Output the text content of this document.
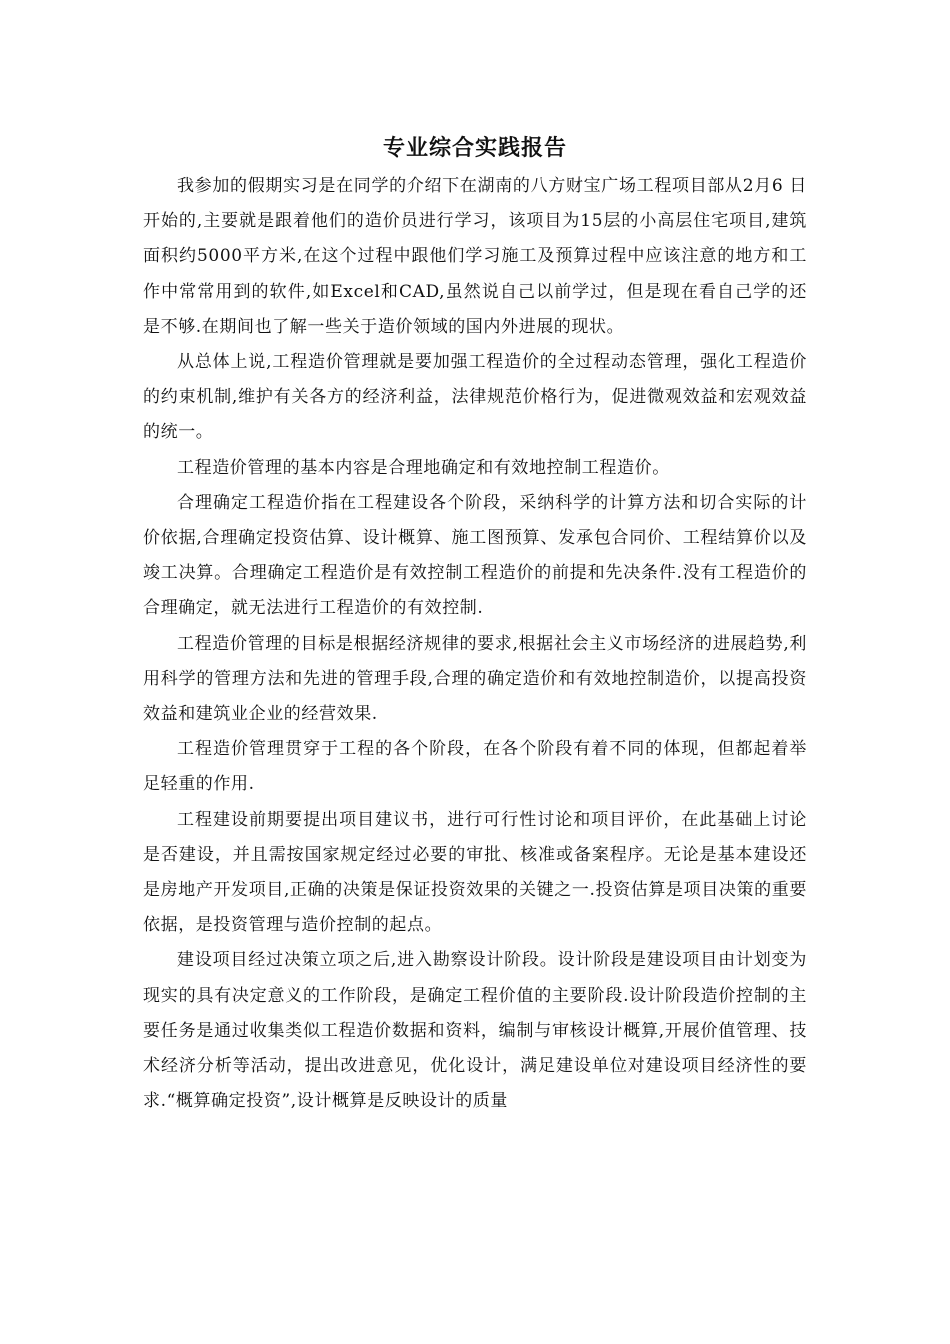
专业综合实践报告

我参加的假期实习是在同学的介绍下在湖南的八方财宝广场工程项目部从2月6 日开始的,主要就是跟着他们的造价员进行学习，该项目为15层的小高层住宅项目,建筑面积约5000平方米,在这个过程中跟他们学习施工及预算过程中应该注意的地方和工作中常常用到的软件,如Excel和CAD,虽然说自己以前学过，但是现在看自己学的还是不够.在期间也了解一些关于造价领域的国内外进展的现状。

从总体上说,工程造价管理就是要加强工程造价的全过程动态管理，强化工程造价的约束机制,维护有关各方的经济利益，法律规范价格行为，促进微观效益和宏观效益的统一。

工程造价管理的基本内容是合理地确定和有效地控制工程造价。

合理确定工程造价指在工程建设各个阶段，采纳科学的计算方法和切合实际的计价依据,合理确定投资估算、设计概算、施工图预算、发承包合同价、工程结算价以及竣工决算。合理确定工程造价是有效控制工程造价的前提和先决条件.没有工程造价的合理确定，就无法进行工程造价的有效控制.

工程造价管理的目标是根据经济规律的要求,根据社会主义市场经济的进展趋势,利用科学的管理方法和先进的管理手段,合理的确定造价和有效地控制造价，以提高投资效益和建筑业企业的经营效果.

工程造价管理贯穿于工程的各个阶段，在各个阶段有着不同的体现，但都起着举足轻重的作用.

工程建设前期要提出项目建议书，进行可行性讨论和项目评价，在此基础上讨论是否建设，并且需按国家规定经过必要的审批、核准或备案程序。无论是基本建设还是房地产开发项目,正确的决策是保证投资效果的关键之一.投资估算是项目决策的重要依据，是投资管理与造价控制的起点。

建设项目经过决策立项之后,进入勘察设计阶段。设计阶段是建设项目由计划变为现实的具有决定意义的工作阶段，是确定工程价值的主要阶段.设计阶段造价控制的主要任务是通过收集类似工程造价数据和资料，编制与审核设计概算,开展价值管理、技术经济分析等活动，提出改进意见，优化设计，满足建设单位对建设项目经济性的要求.“概算确定投资”,设计概算是反映设计的质量
